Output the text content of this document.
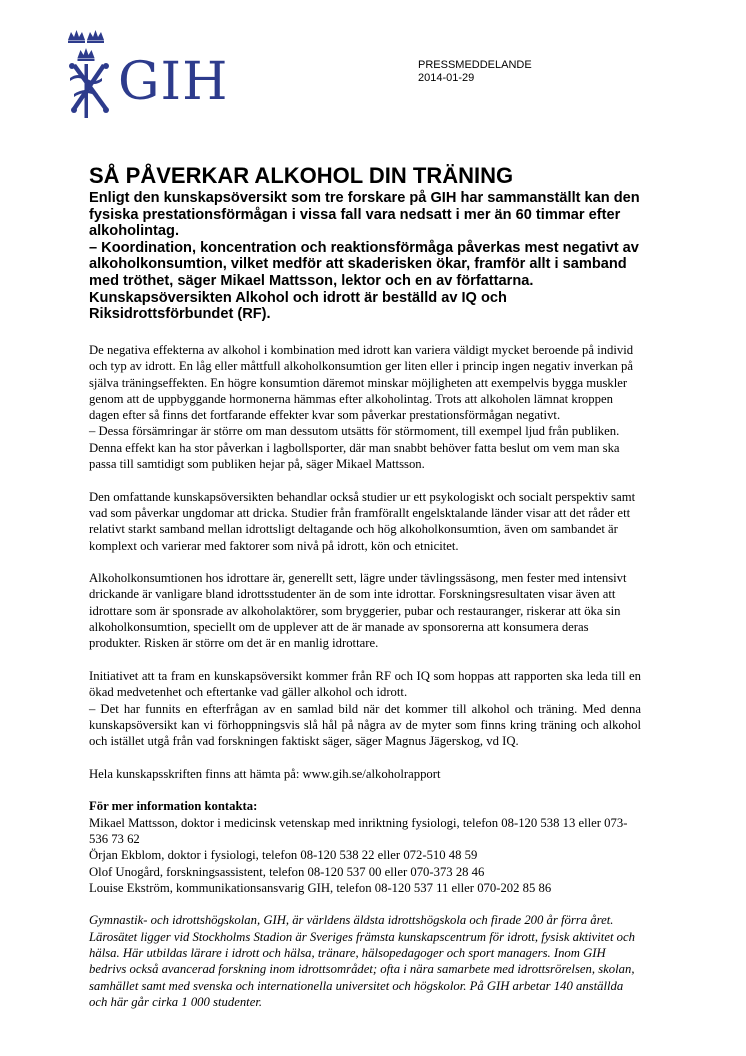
GIH	PRESSMEDDELANDE
2014-01-29
SÅ PÅVERKAR ALKOHOL DIN TRÄNING

Enligt den kunskapsöversikt som tre forskare på GIH har sammanställt kan den fysiska prestationsförmågan i vissa fall vara nedsatt i mer än 60 timmar efter alkoholintag.

– Koordination, koncentration och reaktionsförmåga påverkas mest negativt av alkoholkonsumtion, vilket medför att skaderisken ökar, framför allt i samband med tröthet, säger Mikael Mattsson, lektor och en av författarna.

Kunskapsöversikten Alkohol och idrott är beställd av IQ och Riksidrottsförbundet (RF).

De negativa effekterna av alkohol i kombination med idrott kan variera väldigt mycket beroende på individ och typ av idrott. En låg eller måttfull alkoholkonsumtion ger liten eller i princip ingen negativ inverkan på själva träningseffekten. En högre konsumtion däremot minskar möjligheten att exempelvis bygga muskler genom att de uppbyggande hormonerna hämmas efter alkoholintag. Trots att alkoholen lämnat kroppen dagen efter så finns det fortfarande effekter kvar som påverkar prestationsförmågan negativt.
– Dessa försämringar är större om man dessutom utsätts för störmoment, till exempel ljud från publiken. Denna effekt kan ha stor påverkan i lagbollsporter, där man snabbt behöver fatta beslut om vem man ska passa till samtidigt som publiken hejar på, säger Mikael Mattsson.

Den omfattande kunskapsöversikten behandlar också studier ur ett psykologiskt och socialt perspektiv samt vad som påverkar ungdomar att dricka. Studier från framförallt engelsktalande länder visar att det råder ett relativt starkt samband mellan idrottsligt deltagande och hög alkoholkonsumtion, även om sambandet är komplext och varierar med faktorer som nivå på idrott, kön och etnicitet.

Alkoholkonsumtionen hos idrottare är, generellt sett, lägre under tävlingssäsong, men fester med intensivt drickande är vanligare bland idrottsstudenter än de som inte idrottar. Forskningsresultaten visar även att idrottare som är sponsrade av alkoholaktörer, som bryggerier, pubar och restauranger, riskerar att öka sin alkoholkonsumtion, speciellt om de upplever att de är manade av sponsorerna att konsumera deras produkter. Risken är större om det är en manlig idrottare.

Initiativet att ta fram en kunskapsöversikt kommer från RF och IQ som hoppas att rapporten ska leda till en ökad medvetenhet och eftertanke vad gäller alkohol och idrott.
– Det har funnits en efterfrågan av en samlad bild när det kommer till alkohol och träning. Med denna kunskapsöversikt kan vi förhoppningsvis slå hål på några av de myter som finns kring träning och alkohol och istället utgå från vad forskningen faktiskt säger, säger Magnus Jägerskog, vd IQ.

Hela kunskapsskriften finns att hämta på: www.gih.se/alkoholrapport

För mer information kontakta:
Mikael Mattsson, doktor i medicinsk vetenskap med inriktning fysiologi, telefon 08-120 538 13 eller 073-536 73 62
Örjan Ekblom, doktor i fysiologi, telefon 08-120 538 22 eller 072-510 48 59
Olof Unogård, forskningsassistent, telefon 08-120 537 00 eller 070-373 28 46
Louise Ekström, kommunikationsansvarig GIH, telefon 08-120 537 11 eller 070-202 85 86

Gymnastik- och idrottshögskolan, GIH, är världens äldsta idrottshögskola och firade 200 år förra året. Lärosätet ligger vid Stockholms Stadion är Sveriges främsta kunskapscentrum för idrott, fysisk aktivitet och hälsa. Här utbildas lärare i idrott och hälsa, tränare, hälsopedagoger och sport managers. Inom GIH bedrivs också avancerad forskning inom idrottsområdet; ofta i nära samarbete med idrottsrörelsen, skolan, samhället samt med svenska och internationella universitet och högskolor. På GIH arbetar 140 anställda och här går cirka 1 000 studenter.
